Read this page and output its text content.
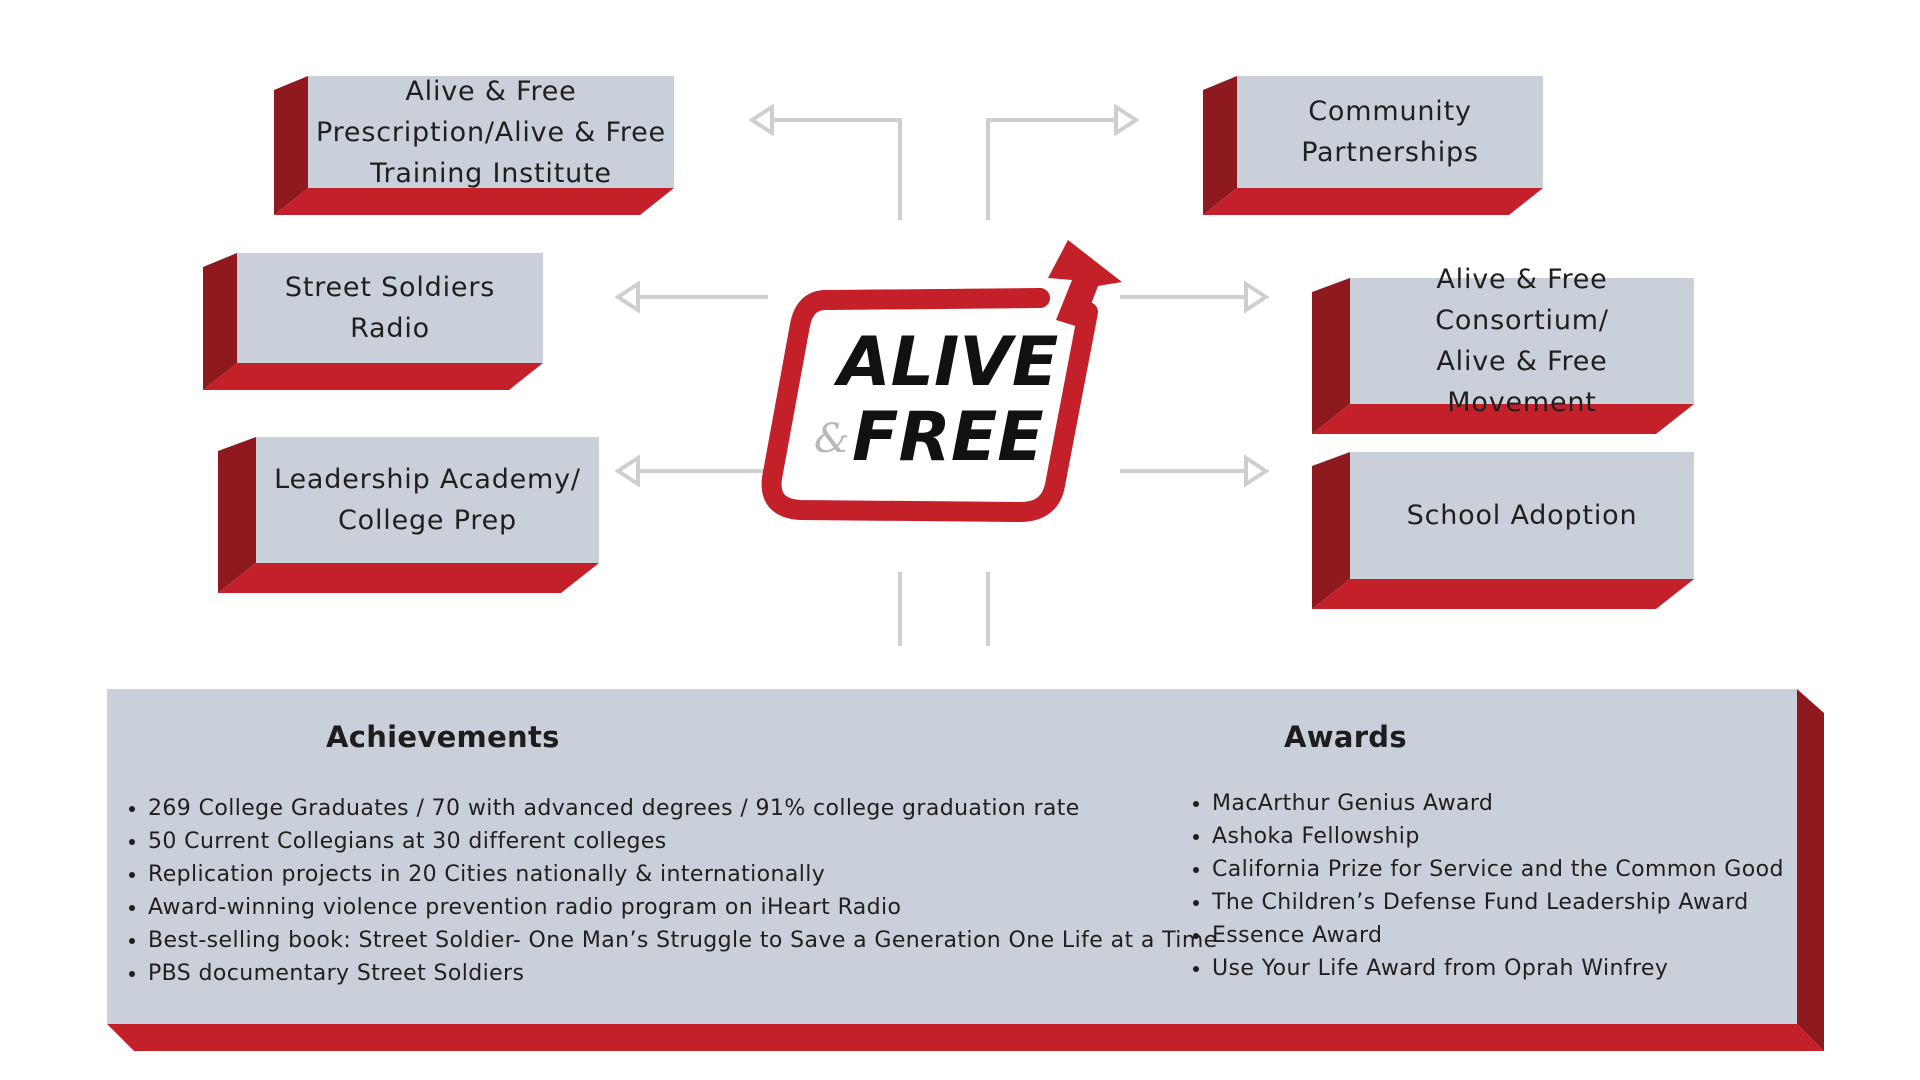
Alive & Free
Prescription/Alive & Free
Training Institute
Community
Partnerships
Street Soldiers Radio
Alive & Free Consortium/
Alive & Free Movement
Leadership Academy/
College Prep	School Adoption
ALIVE
& FREE
Achievements
• 269 College Graduates / 70 with advanced degrees / 91% college graduation rate
• 50 Current Collegians at 30 different colleges
• Replication projects in 20 Cities nationally & internationally
• Award-winning violence prevention radio program on iHeart Radio
• Best-selling book: Street Soldier- One Man’s Struggle to Save a Generation One Life at a Time
• PBS documentary Street Soldiers
Awards
• MacArthur Genius Award
• Ashoka Fellowship
• California Prize for Service and the Common Good
• The Children’s Defense Fund Leadership Award
• Essence Award
• Use Your Life Award from Oprah Winfrey
